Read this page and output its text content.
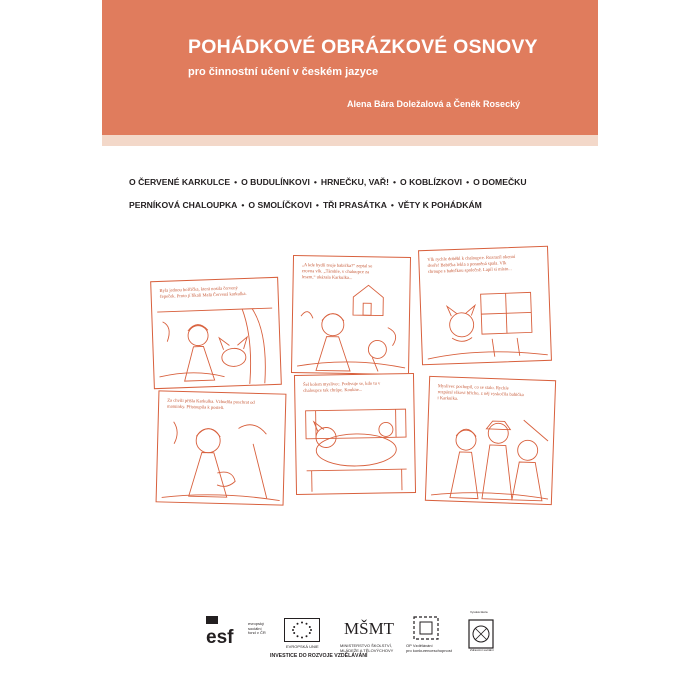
POHÁDKOVÉ OBRÁZKOVÉ OSNOVY

pro činnostní učení v českém jazyce

Alena Bára Doležalová a Čeněk Rosecký

O ČERVENÉ KARKULCE • O BUDULÍNKOVI • HRNEČKU, VAŘ! • O KOBLÍZKOVI • O DOMEČKU
PERNÍKOVÁ CHALOUPKA • O SMOLÍČKOVI • TŘI PRASÁTKA • VĚTY K POHÁDKÁM
Byla jednou holčička, která nosila červený čepeček. Proto jí říkali Malá Červená karkulka.
„A kde bydlí tvoje babička?“ zeptal se zrovna vlk. „Támhle, v chaloupce za lesem,“ ukázala Karkulka...
Vlk rychle doběhl k chaloupce. Rozrazil okenní dveře! Babička lekla a poraněná spala. Vlk chroupe s babičkou společně. Lapil si místo...
Za chvíli přišla Karkulka. Vzbudila poschrat od maminky. Přistoupila k posteli.
Šel kolem myslivec. Podivuje se, kdo tu v chaloupce tak chrápe. Koukne...	Myslivec pochopil, co se stalo. Rychle rozpáral vlkovi břicho, z něj vyskočila babička i Karkulka.
esf
evropský
sociální
fond v ČR
EVROPSKÁ UNIE
MŠMT
MINISTERSTVO ŠKOLSTVÍ,
MLÁDEŽE A TĚLOVÝCHOVY
OP Vzdělávání
pro konkurenceschopnost
Vysoká škola
Zdravotní sociální
INVESTICE DO ROZVOJE VZDĚLÁVÁNÍ
